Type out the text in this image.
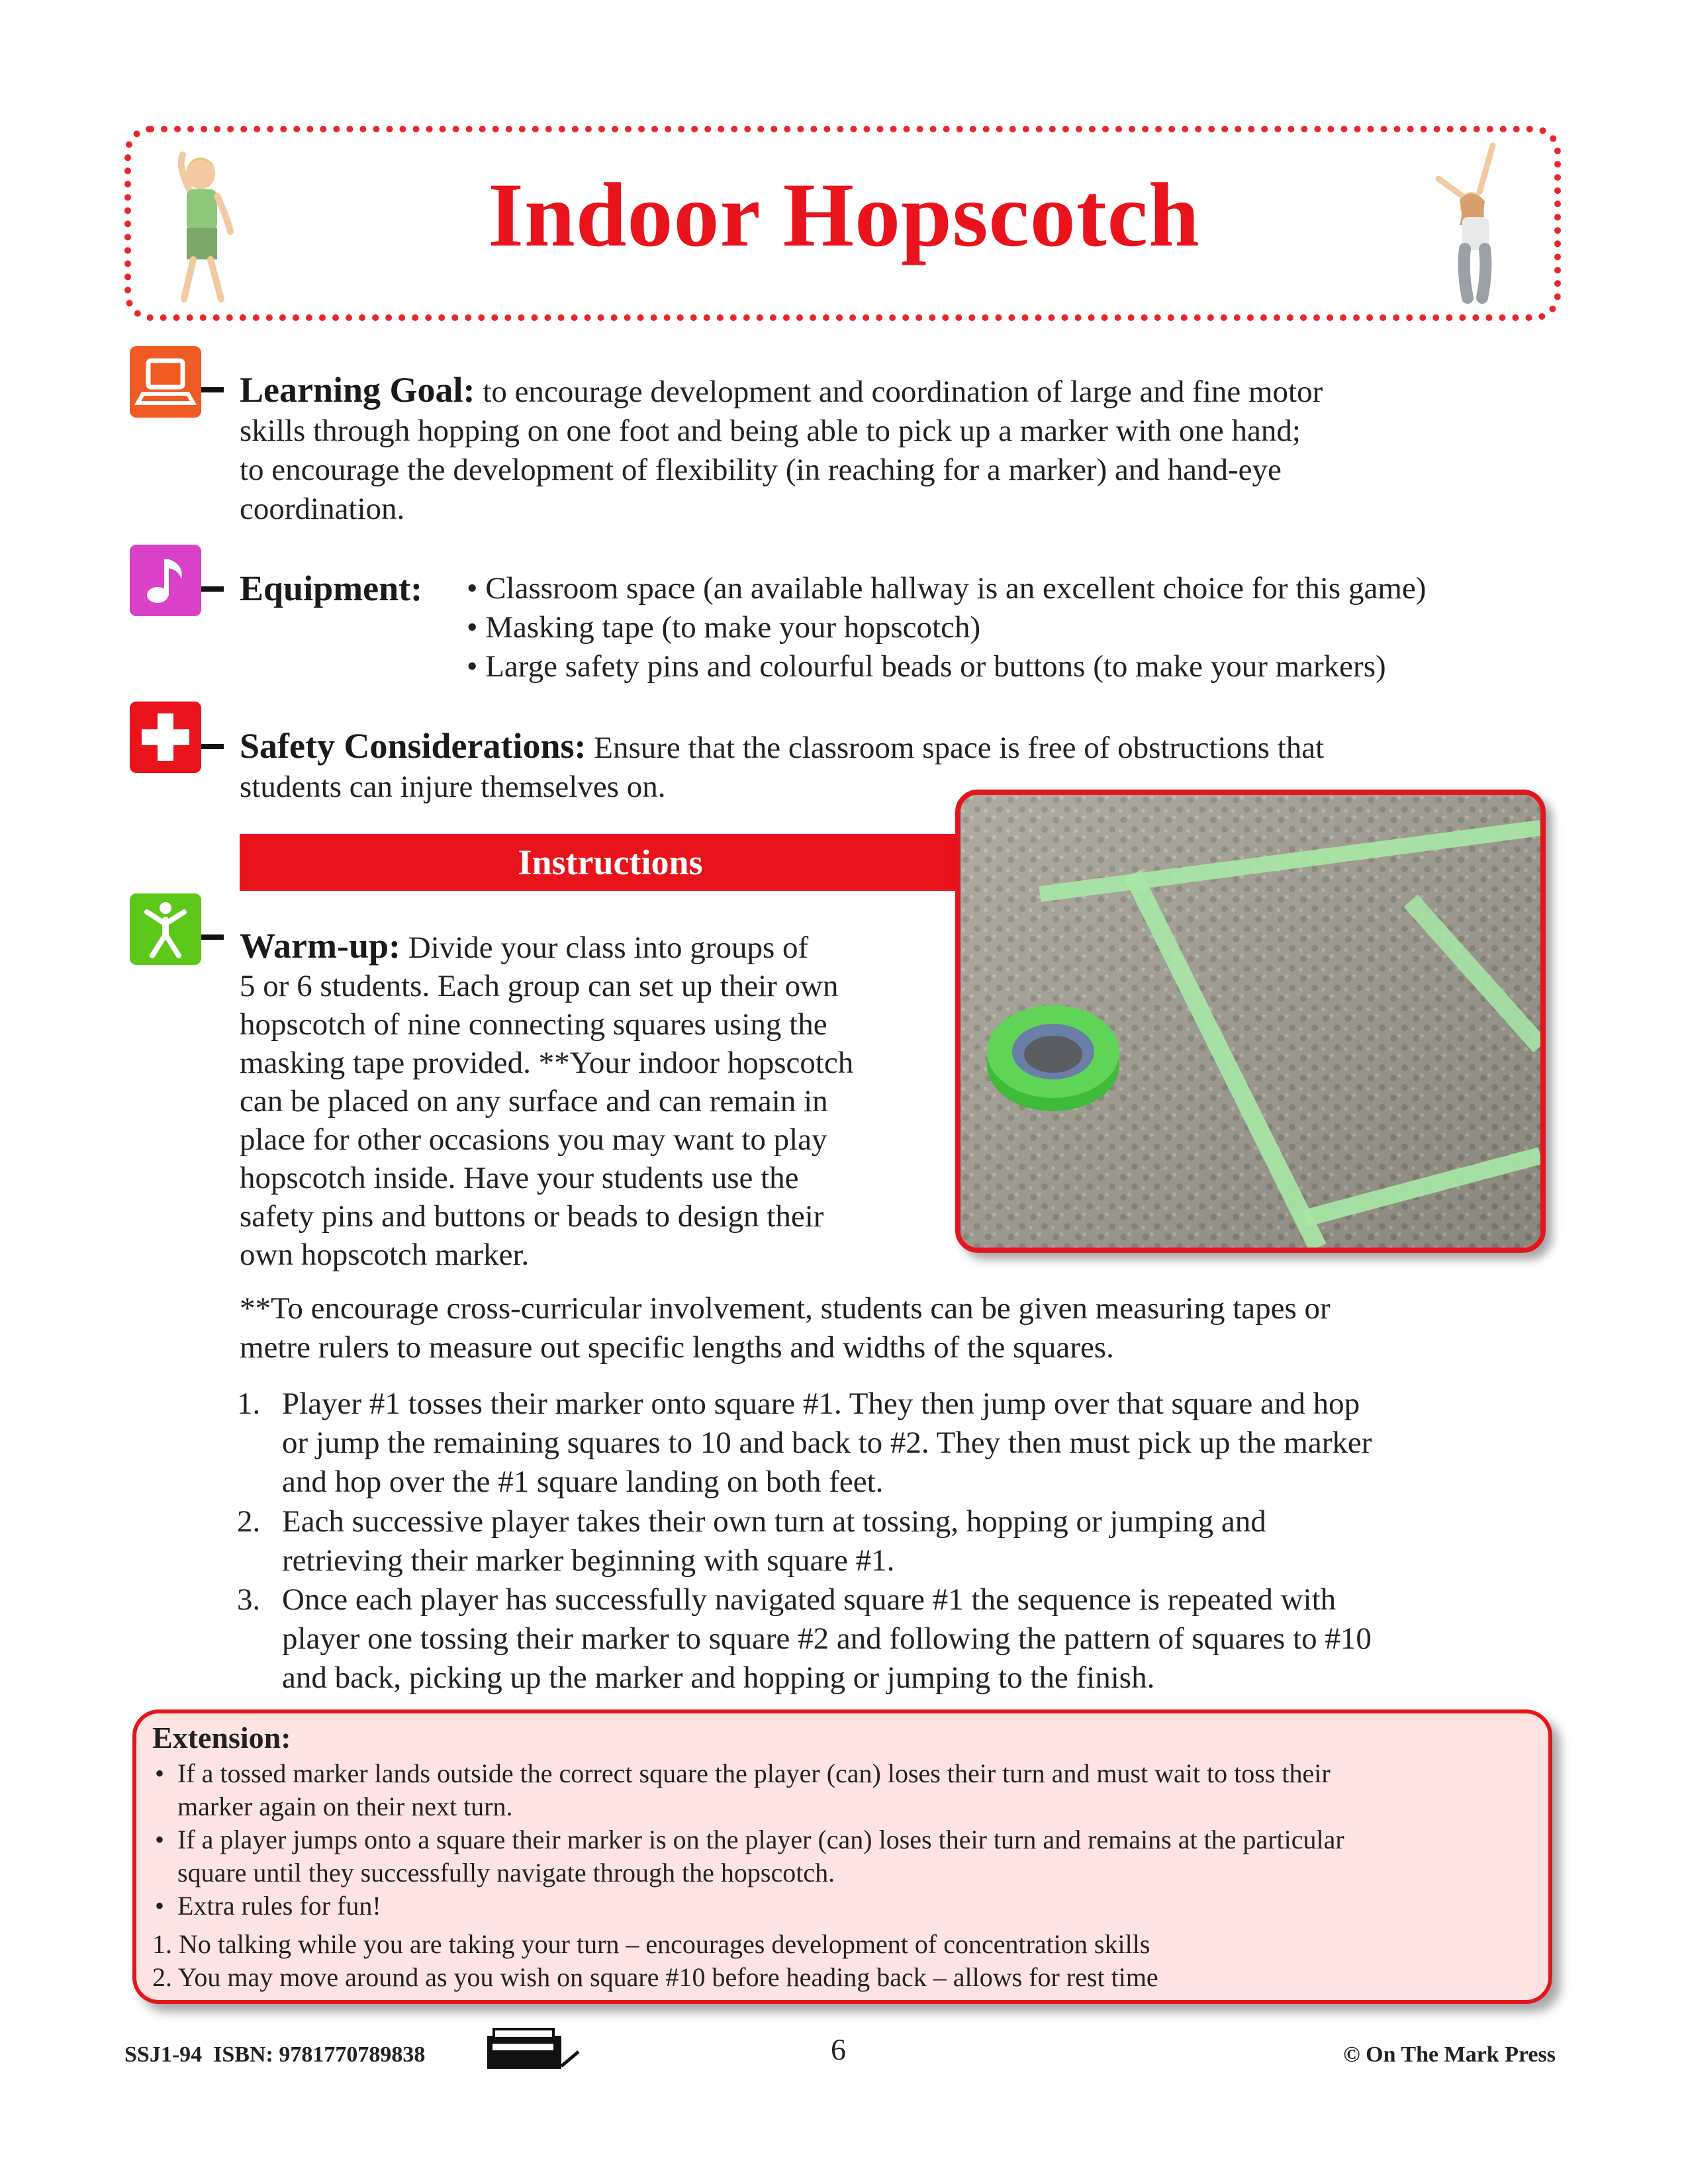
Indoor Hopscotch
Learning Goal: to encourage development and coordination of large and fine motor
skills through hopping on one foot and being able to pick up a marker with one hand;
to encourage the development of flexibility (in reaching for a marker) and hand-eye
coordination.
Equipment: • Classroom space (an available hallway is an excellent choice for this game)
• Masking tape (to make your hopscotch)
• Large safety pins and colourful beads or buttons (to make your markers)
Safety Considerations: Ensure that the classroom space is free of obstructions that
students can injure themselves on.
Instructions
Warm-up: Divide your class into groups of
5 or 6 students. Each group can set up their own
hopscotch of nine connecting squares using the
masking tape provided. **Your indoor hopscotch
can be placed on any surface and can remain in
place for other occasions you may want to play
hopscotch inside. Have your students use the
safety pins and buttons or beads to design their
own hopscotch marker.
**To encourage cross-curricular involvement, students can be given measuring tapes or
metre rulers to measure out specific lengths and widths of the squares.
1. Player #1 tosses their marker onto square #1. They then jump over that square and hop
or jump the remaining squares to 10 and back to #2. They then must pick up the marker
and hop over the #1 square landing on both feet.
2. Each successive player takes their own turn at tossing, hopping or jumping and
retrieving their marker beginning with square #1.
3. Once each player has successfully navigated square #1 the sequence is repeated with
player one tossing their marker to square #2 and following the pattern of squares to #10
and back, picking up the marker and hopping or jumping to the finish.
Extension:
• If a tossed marker lands outside the correct square the player (can) loses their turn and must wait to toss their
marker again on their next turn.
• If a player jumps onto a square their marker is on the player (can) loses their turn and remains at the particular
square until they successfully navigate through the hopscotch.
• Extra rules for fun!
1. No talking while you are taking your turn – encourages development of concentration skills
2. You may move around as you wish on square #10 before heading back – allows for rest time
SSJ1-94 ISBN: 9781770789838	6	© On The Mark Press
